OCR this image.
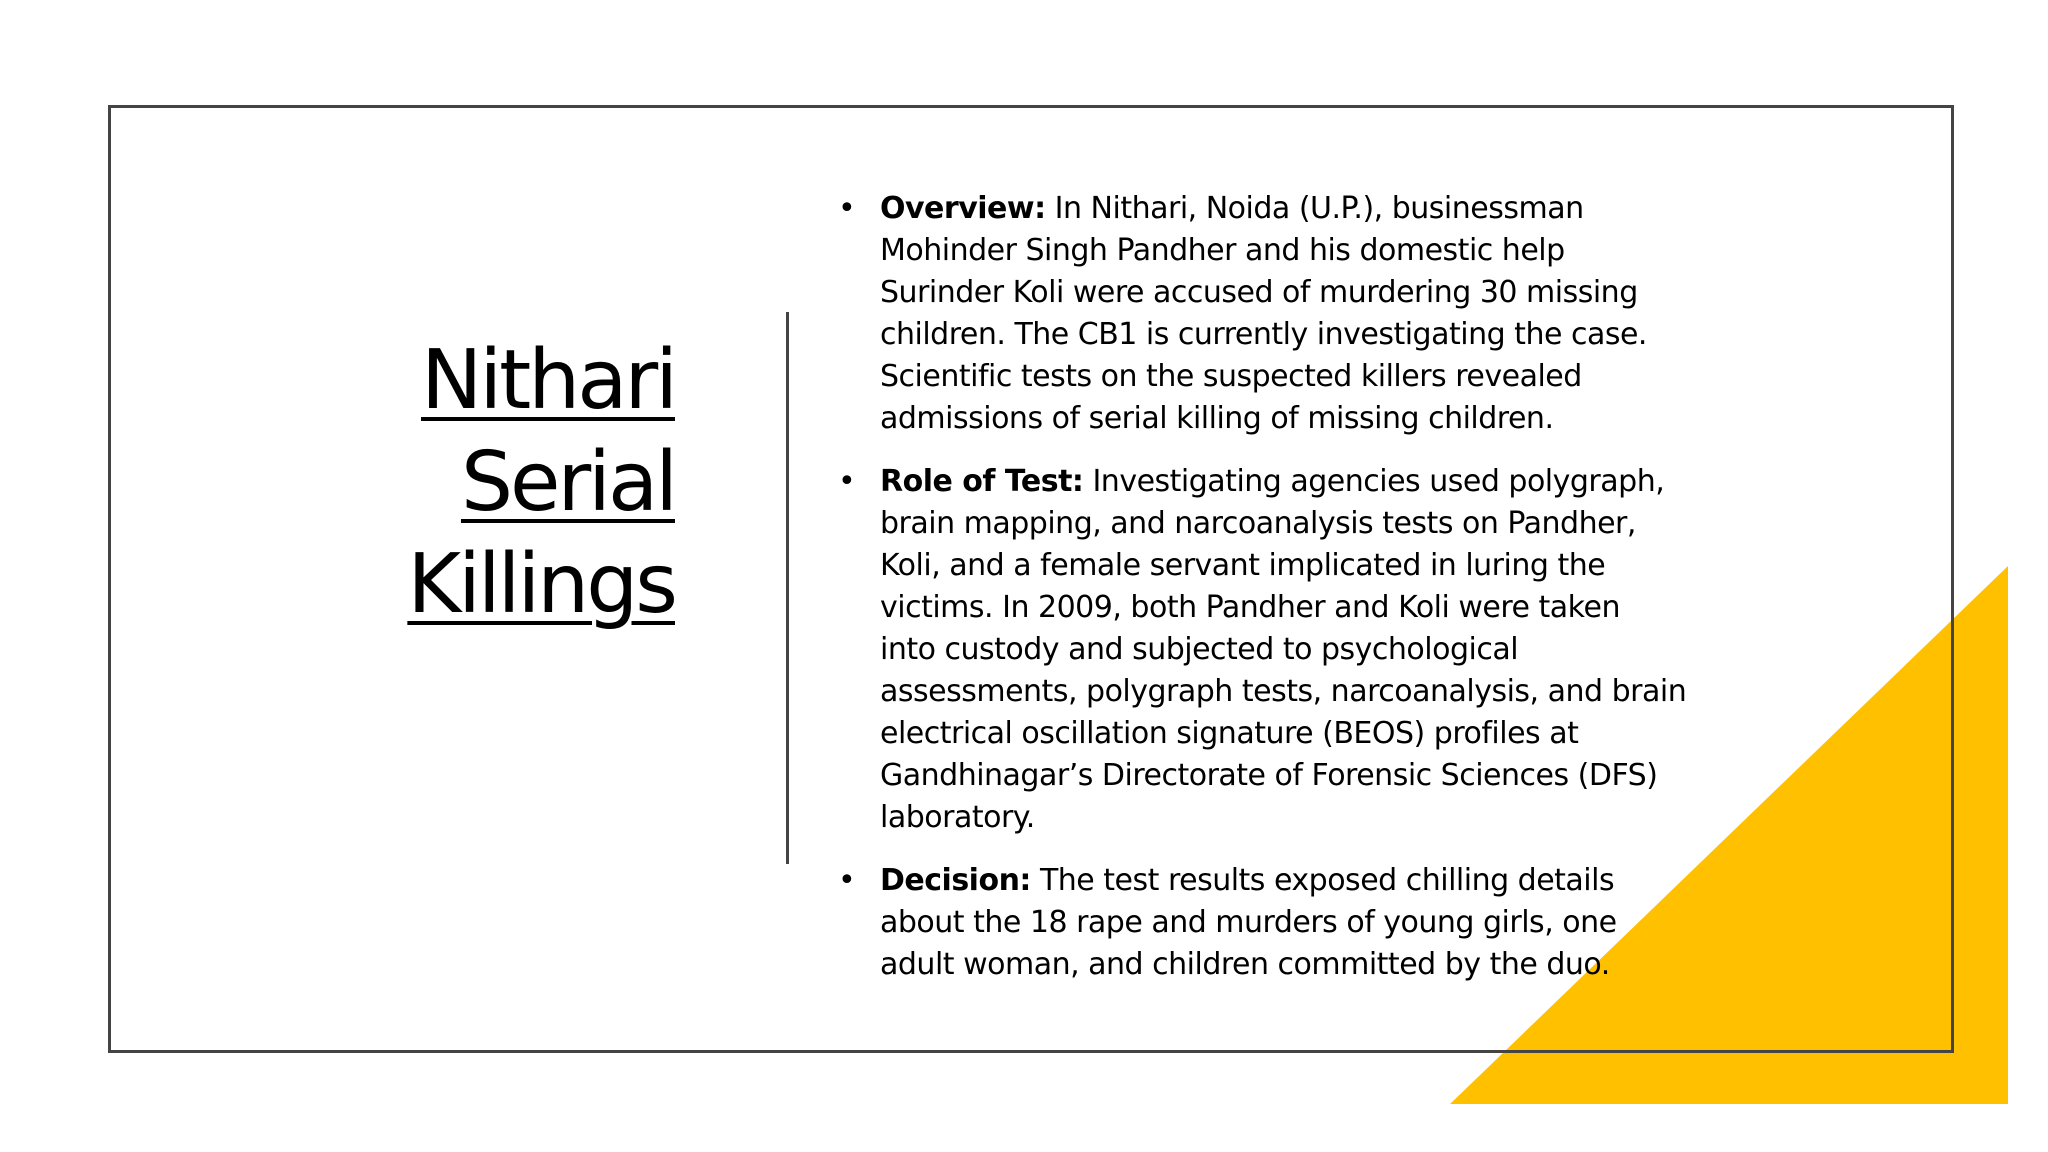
Nithari
Serial
Killings
• Overview: In Nithari, Noida (U.P.), businessman
Mohinder Singh Pandher and his domestic help
Surinder Koli were accused of murdering 30 missing
children. The CB1 is currently investigating the case.
Scientific tests on the suspected killers revealed
admissions of serial killing of missing children.
• Role of Test: Investigating agencies used polygraph,
brain mapping, and narcoanalysis tests on Pandher,
Koli, and a female servant implicated in luring the
victims. In 2009, both Pandher and Koli were taken
into custody and subjected to psychological
assessments, polygraph tests, narcoanalysis, and brain
electrical oscillation signature (BEOS) profiles at
Gandhinagar’s Directorate of Forensic Sciences (DFS)
laboratory.
• Decision: The test results exposed chilling details
about the 18 rape and murders of young girls, one
adult woman, and children committed by the duo.
